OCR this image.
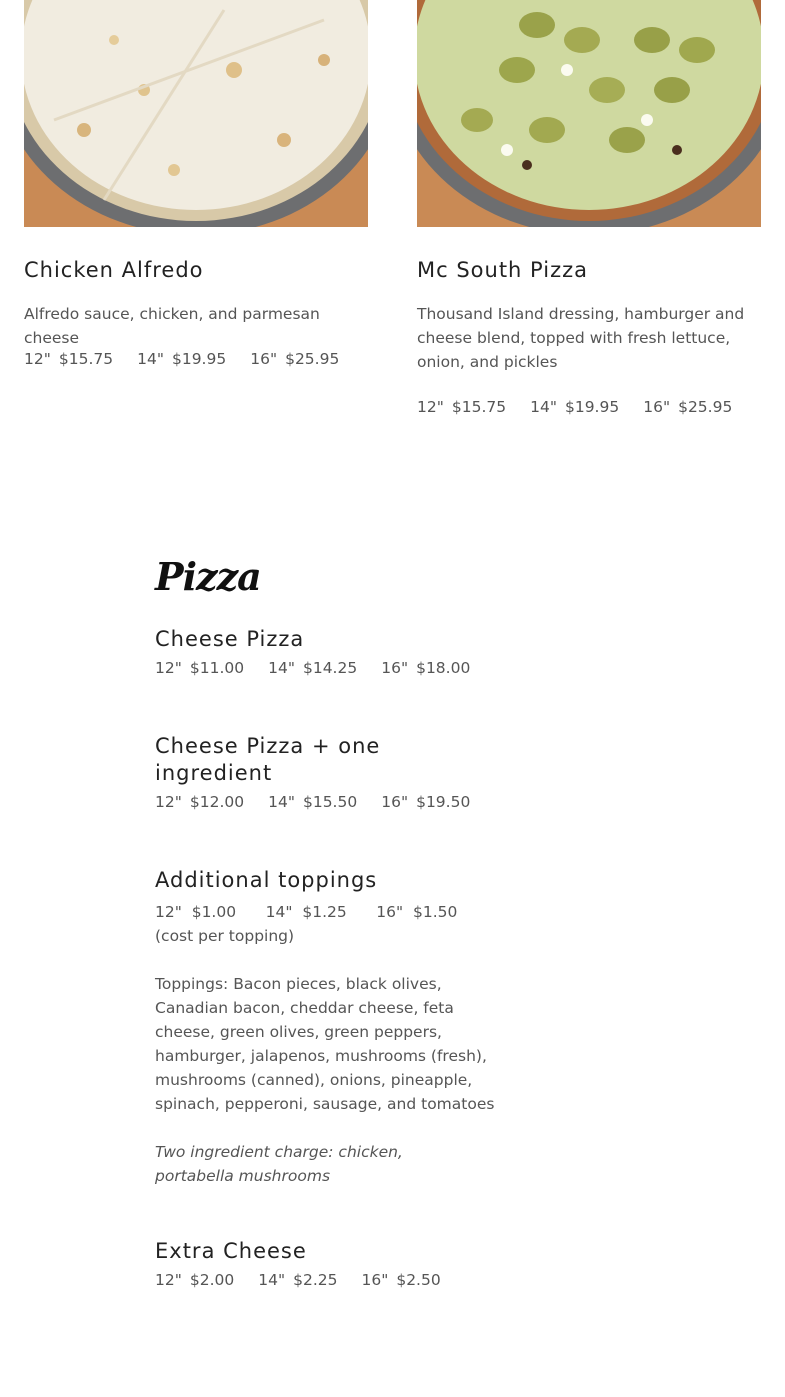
Chicken Alfredo

Alfredo sauce, chicken, and parmesan cheese

12" $15.75 14" $19.95 16" $25.95
Mc South Pizza

Thousand Island dressing, hamburger and cheese blend, topped with fresh lettuce, onion, and pickles

12" $15.75 14" $19.95 16" $25.95
Pizza
Cheese Pizza
12" $11.00 14" $14.25 16" $18.00
Cheese Pizza + one ingredient
12" $12.00 14" $15.50 16" $19.50
Additional toppings

12"  $1.00      14"  $1.25      16"  $1.50  (cost per topping)

Toppings: Bacon pieces, black olives, Canadian bacon, cheddar cheese, feta cheese, green olives, green peppers, hamburger, jalapenos, mushrooms (fresh), mushrooms (canned), onions, pineapple, spinach, pepperoni, sausage, and tomatoes

Two ingredient charge: chicken, portabella mushrooms

Extra Cheese
12" $2.00 14" $2.25 16" $2.50
